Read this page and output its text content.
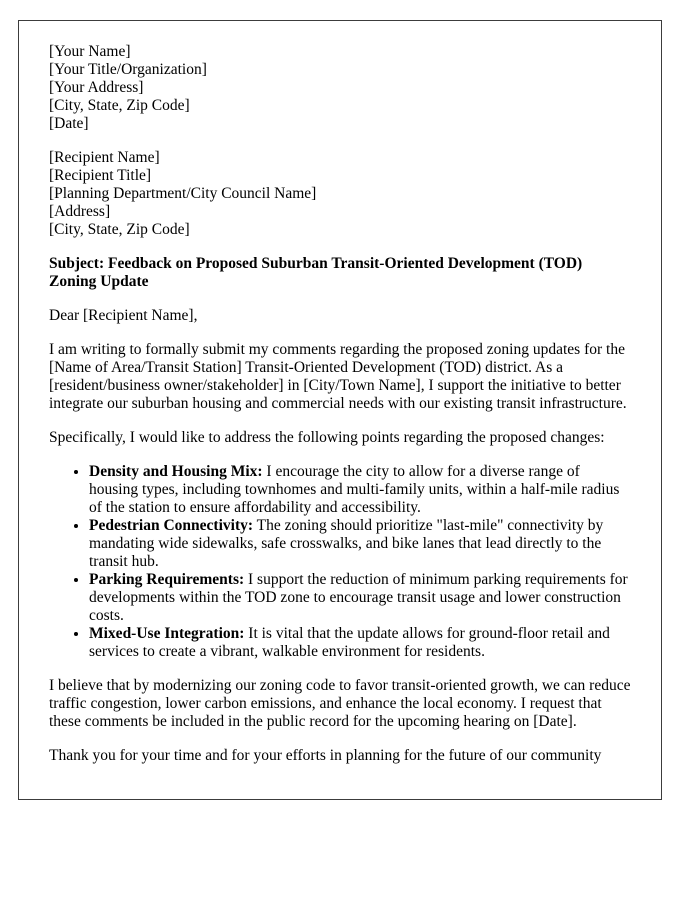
[Your Name]
[Your Title/Organization]
[Your Address]
[City, State, Zip Code]
[Date]
[Recipient Name]
[Recipient Title]
[Planning Department/City Council Name]
[Address]
[City, State, Zip Code]

Subject: Feedback on Proposed Suburban Transit-Oriented Development (TOD) Zoning Update

Dear [Recipient Name],

I am writing to formally submit my comments regarding the proposed zoning updates for the [Name of Area/Transit Station] Transit-Oriented Development (TOD) district. As a [resident/business owner/stakeholder] in [City/Town Name], I support the initiative to better integrate our suburban housing and commercial needs with our existing transit infrastructure.

Specifically, I would like to address the following points regarding the proposed changes:

• Density and Housing Mix: I encourage the city to allow for a diverse range of housing types, including townhomes and multi-family units, within a half-mile radius of the station to ensure affordability and accessibility.
• Pedestrian Connectivity: The zoning should prioritize "last-mile" connectivity by mandating wide sidewalks, safe crosswalks, and bike lanes that lead directly to the transit hub.
• Parking Requirements: I support the reduction of minimum parking requirements for developments within the TOD zone to encourage transit usage and lower construction costs.
• Mixed-Use Integration: It is vital that the update allows for ground-floor retail and services to create a vibrant, walkable environment for residents.

I believe that by modernizing our zoning code to favor transit-oriented growth, we can reduce traffic congestion, lower carbon emissions, and enhance the local economy. I request that these comments be included in the public record for the upcoming hearing on [Date].

Thank you for your time and for your efforts in planning for the future of our community
